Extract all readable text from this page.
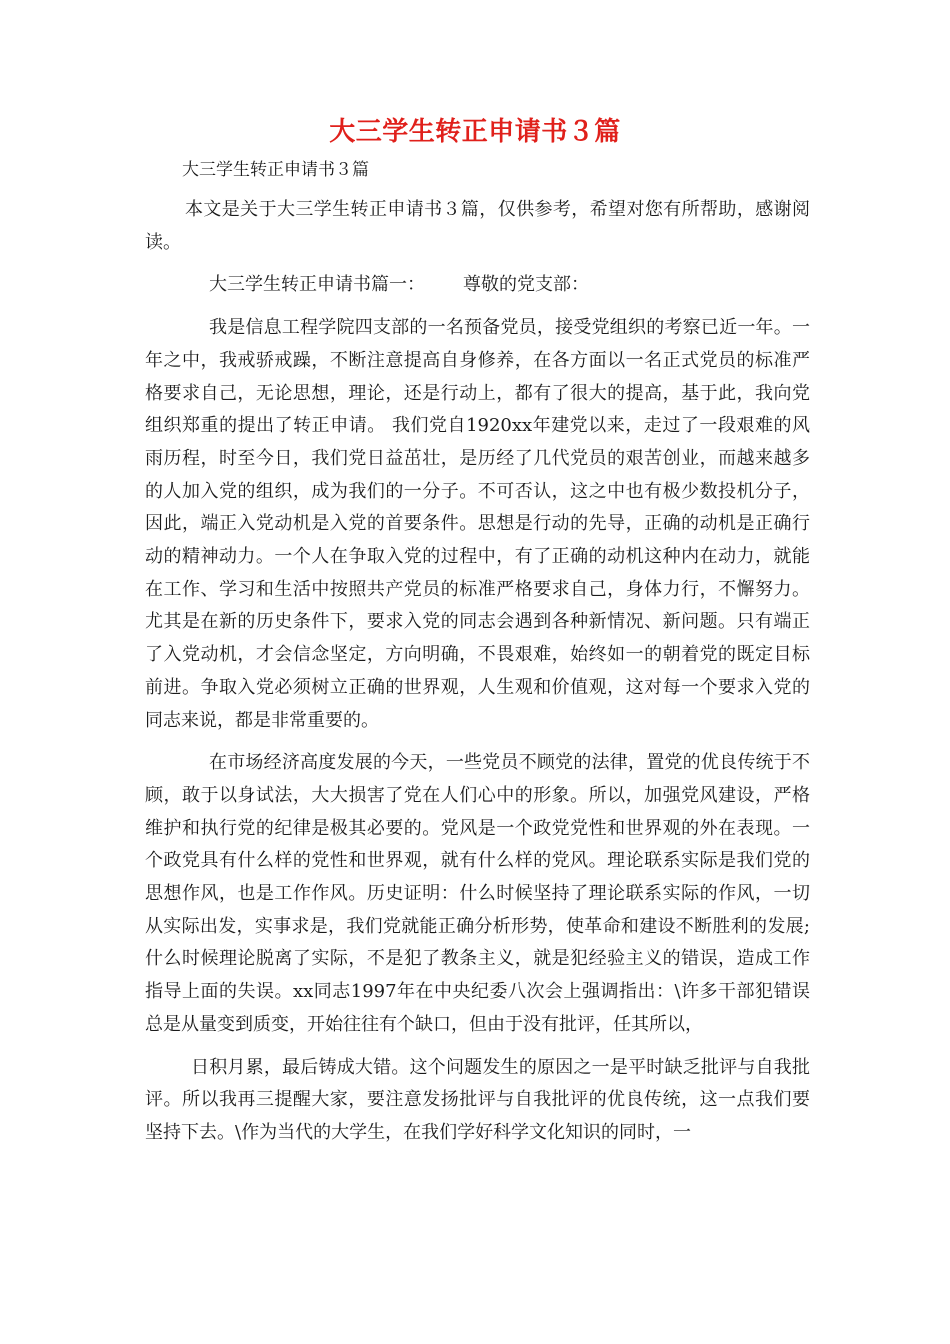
大三学生转正申请书３篇
大三学生转正申请书３篇

本文是关于大三学生转正申请书３篇，仅供参考，希望对您有所帮助，感谢阅读。

大三学生转正申请书篇一： 尊敬的党支部：

我是信息工程学院四支部的一名预备党员，接受党组织的考察已近一年。一年之中，我戒骄戒躁，不断注意提高自身修养，在各方面以一名正式党员的标准严格要求自己，无论思想，理论，还是行动上，都有了很大的提高，基于此，我向党组织郑重的提出了转正申请。 我们党自1920xx年建党以来，走过了一段艰难的风雨历程，时至今日，我们党日益茁壮，是历经了几代党员的艰苦创业，而越来越多的人加入党的组织，成为我们的一分子。不可否认，这之中也有极少数投机分子，因此，端正入党动机是入党的首要条件。思想是行动的先导，正确的动机是正确行动的精神动力。一个人在争取入党的过程中，有了正确的动机这种内在动力，就能在工作、学习和生活中按照共产党员的标准严格要求自己，身体力行，不懈努力。尤其是在新的历史条件下，要求入党的同志会遇到各种新情况、新问题。只有端正了入党动机，才会信念坚定，方向明确，不畏艰难，始终如一的朝着党的既定目标前进。争取入党必须树立正确的世界观，人生观和价值观，这对每一个要求入党的同志来说，都是非常重要的。

在市场经济高度发展的今天，一些党员不顾党的法律，置党的优良传统于不顾，敢于以身试法，大大损害了党在人们心中的形象。所以，加强党风建设，严格维护和执行党的纪律是极其必要的。党风是一个政党党性和世界观的外在表现。一个政党具有什么样的党性和世界观，就有什么样的党风。理论联系实际是我们党的思想作风，也是工作作风。历史证明：什么时候坚持了理论联系实际的作风，一切从实际出发，实事求是，我们党就能正确分析形势，使革命和建设不断胜利的发展;什么时候理论脱离了实际，不是犯了教条主义，就是犯经验主义的错误，造成工作指导上面的失误。xx同志1997年在中央纪委八次会上强调指出：\许多干部犯错误总是从量变到质变，开始往往有个缺口，但由于没有批评，任其所以，

日积月累，最后铸成大错。这个问题发生的原因之一是平时缺乏批评与自我批评。所以我再三提醒大家，要注意发扬批评与自我批评的优良传统，这一点我们要坚持下去。\作为当代的大学生，在我们学好科学文化知识的同时，一
